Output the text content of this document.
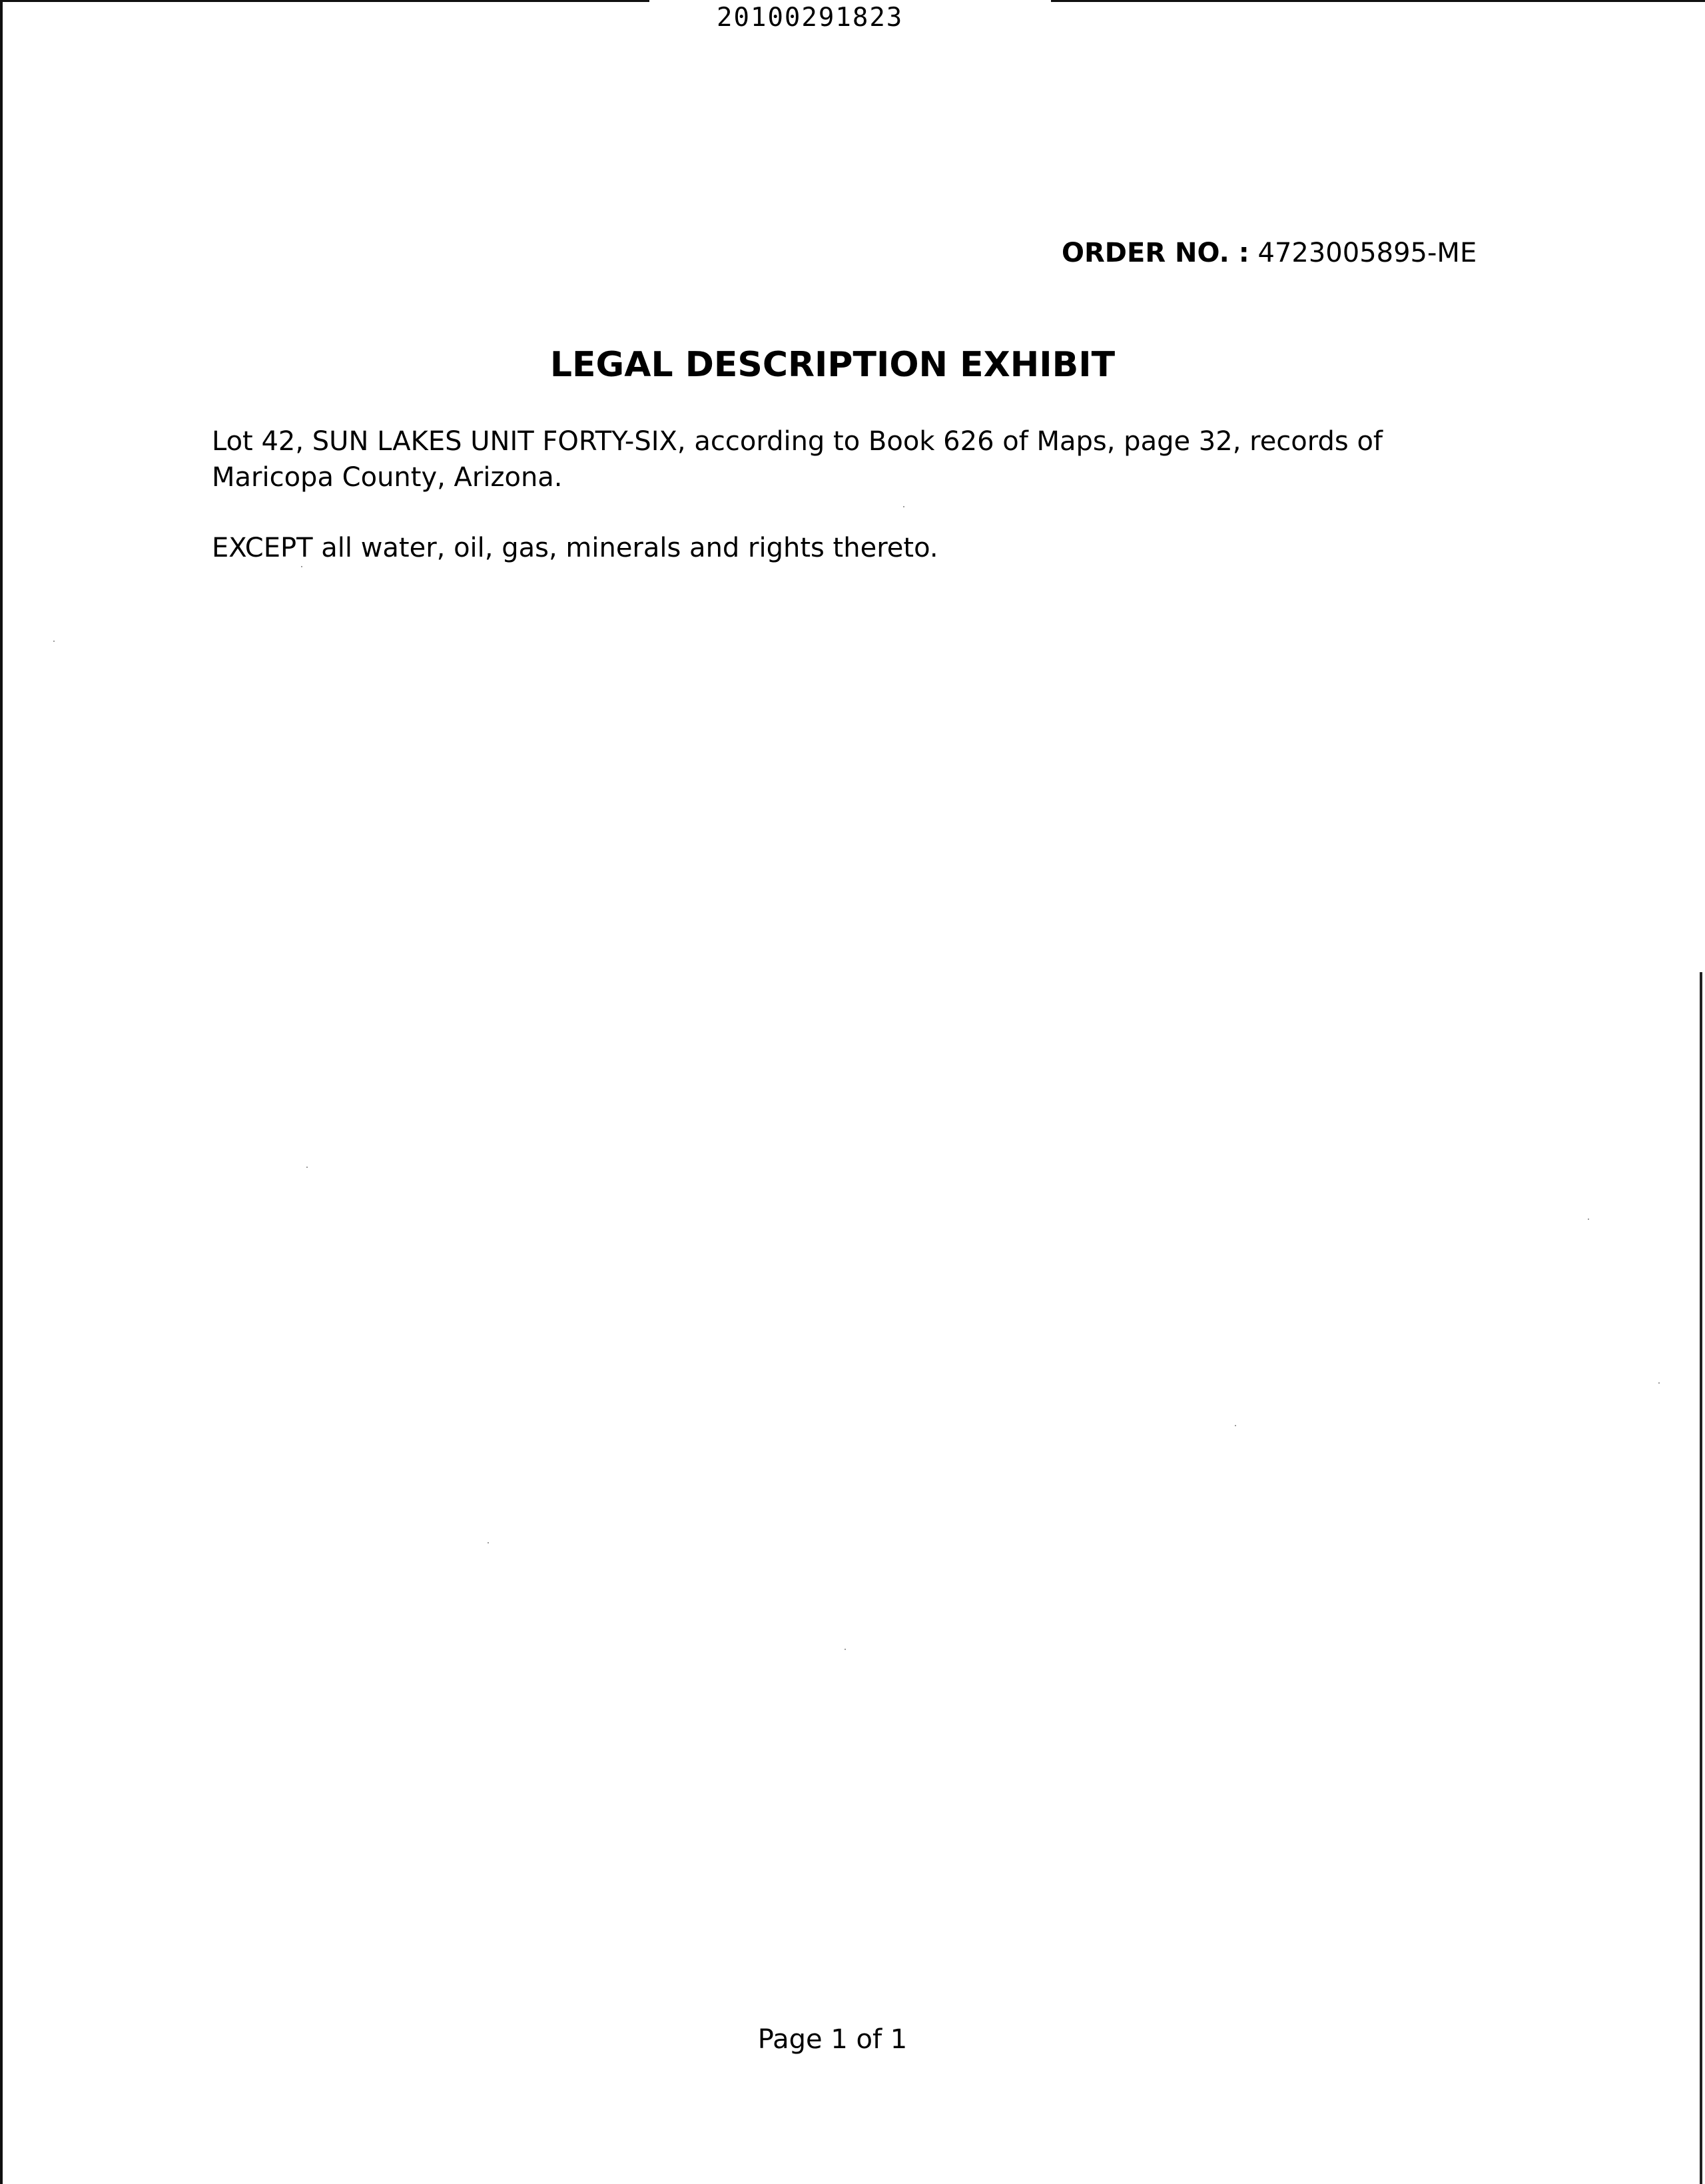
20100291823
ORDER NO. : 4723005895-ME
LEGAL DESCRIPTION EXHIBIT
Lot 42, SUN LAKES UNIT FORTY-SIX, according to Book 626 of Maps, page 32, records of Maricopa County, Arizona.
EXCEPT all water, oil, gas, minerals and rights thereto.
Page 1 of 1
